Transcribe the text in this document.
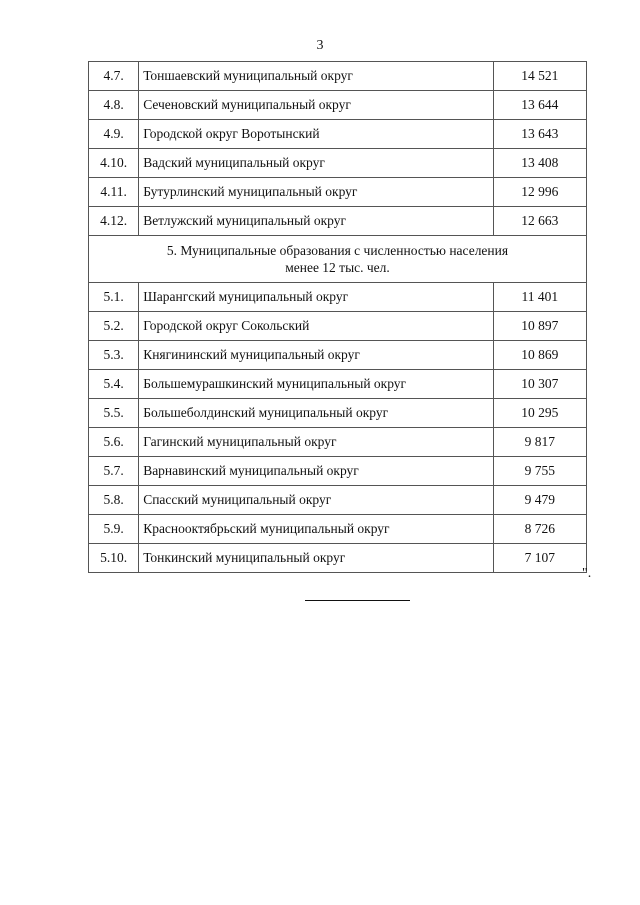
3
4.7.	Тоншаевский муниципальный округ	14 521
4.8.	Сеченовский муниципальный округ	13 644
4.9.	Городской округ Воротынский	13 643
4.10.	Вадский муниципальный округ	13 408
4.11.	Бутурлинский муниципальный округ	12 996
4.12.	Ветлужский муниципальный округ	12 663
5. Муниципальные образования с численностью населения
менее 12 тыс. чел.		
5.1.	Шарангский муниципальный округ	11 401
5.2.	Городской округ Сокольский	10 897
5.3.	Княгининский муниципальный округ	10 869
5.4.	Большемурашкинский муниципальный округ	10 307
5.5.	Большеболдинский муниципальный округ	10 295
5.6.	Гагинский муниципальный округ	9 817
5.7.	Варнавинский муниципальный округ	9 755
5.8.	Спасский муниципальный округ	9 479
5.9.	Краснооктябрьский муниципальный округ	8 726
5.10.	Тонкинский муниципальный округ	7 107
".
